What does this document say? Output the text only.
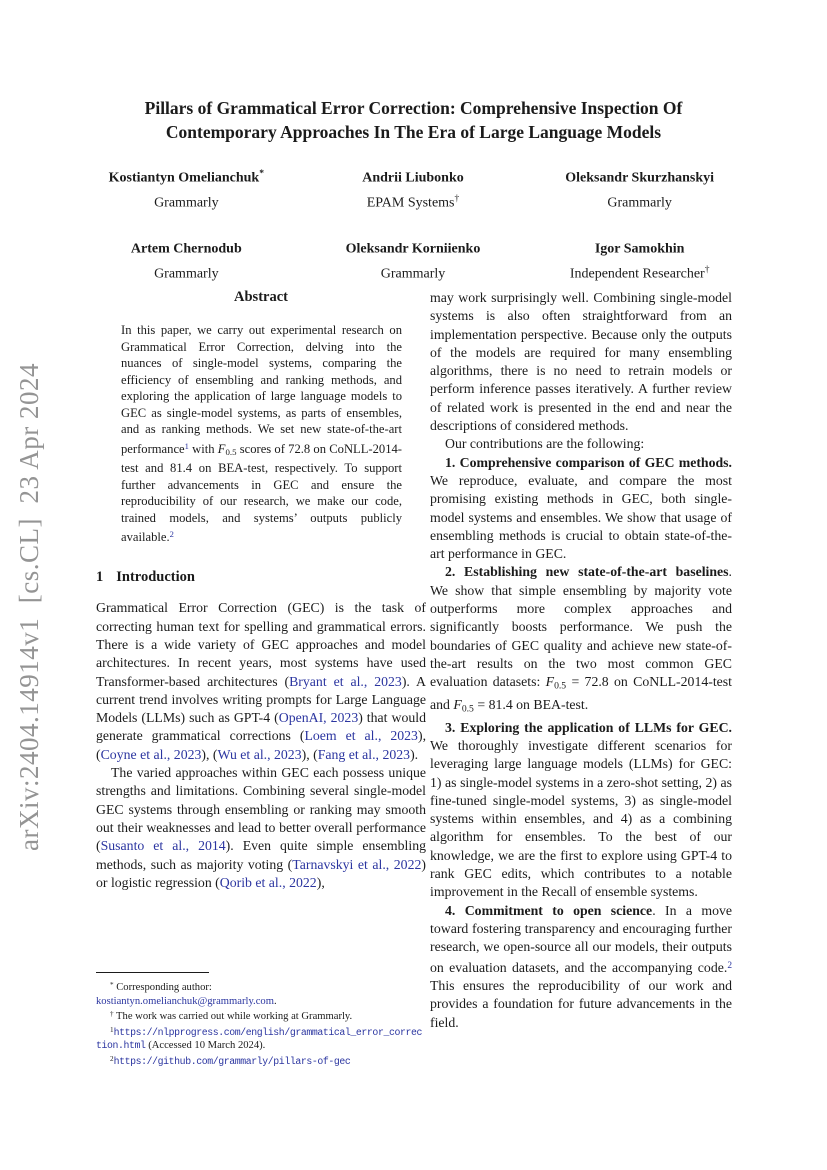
arXiv:2404.14914v1  [cs.CL]  23 Apr 2024
Pillars of Grammatical Error Correction: Comprehensive Inspection Of
Contemporary Approaches In The Era of Large Language Models
Kostiantyn Omelianchuk*
Grammarly
Andrii Liubonko
EPAM Systems†
Oleksandr Skurzhanskyi
Grammarly
Artem Chernodub
Grammarly
Oleksandr Korniienko
Grammarly
Igor Samokhin
Independent Researcher†
Abstract
In this paper, we carry out experimental research on Grammatical Error Correction, delving into the nuances of single-model systems, comparing the efficiency of ensembling and ranking methods, and exploring the application of large language models to GEC as single-model systems, as parts of ensembles, and as ranking methods. We set new state-of-the-art performance$^1$ with F0.5 scores of 72.8 on CoNLL-2014-test and 81.4 on BEA-test, respectively. To support further advancements in GEC and ensure the reproducibility of our research, we make our code, trained models, and systems’ outputs publicly available.$^2$
1 Introduction

Grammatical Error Correction (GEC) is the task of correcting human text for spelling and grammatical errors. There is a wide variety of GEC approaches and model architectures. In recent years, most systems have used Transformer-based architectures (Bryant et al., 2023). A current trend involves writing prompts for Large Language Models (LLMs) such as GPT-4 (OpenAI, 2023) that would generate grammatical corrections (Loem et al., 2023), (Coyne et al., 2023), (Wu et al., 2023), (Fang et al., 2023).

The varied approaches within GEC each possess unique strengths and limitations. Combining several single-model GEC systems through ensembling or ranking may smooth out their weaknesses and lead to better overall performance (Susanto et al., 2014). Even quite simple ensembling methods, such as majority voting (Tarnavskyi et al., 2022) or logistic regression (Qorib et al., 2022),

* Corresponding author:
kostiantyn.omelianchuk@grammarly.com.
† The work was carried out while working at Grammarly.
$^1$https://nlpprogress.com/english/grammatical_error_correction.html (Accessed 10 March 2024).
$^2$https://github.com/grammarly/pillars-of-gec

may work surprisingly well. Combining single-model systems is also often straightforward from an implementation perspective. Because only the outputs of the models are required for many ensembling algorithms, there is no need to retrain models or perform inference passes iteratively. A further review of related work is presented in the end and near the descriptions of considered methods.

Our contributions are the following:

1. Comprehensive comparison of GEC methods. We reproduce, evaluate, and compare the most promising existing methods in GEC, both single-model systems and ensembles. We show that usage of ensembling methods is crucial to obtain state-of-the-art performance in GEC.

2. Establishing new state-of-the-art baselines. We show that simple ensembling by majority vote outperforms more complex approaches and significantly boosts performance. We push the boundaries of GEC quality and achieve new state-of-the-art results on the two most common GEC evaluation datasets: F0.5 = 72.8 on CoNLL-2014-test and F0.5 = 81.4 on BEA-test.

3. Exploring the application of LLMs for GEC. We thoroughly investigate different scenarios for leveraging large language models (LLMs) for GEC: 1) as single-model systems in a zero-shot setting, 2) as fine-tuned single-model systems, 3) as single-model systems within ensembles, and 4) as a combining algorithm for ensembles. To the best of our knowledge, we are the first to explore using GPT-4 to rank GEC edits, which contributes to a notable improvement in the Recall of ensemble systems.

4. Commitment to open science. In a move toward fostering transparency and encouraging further research, we open-source all our models, their outputs on evaluation datasets, and the accompanying code.$^2$ This ensures the reproducibility of our work and provides a foundation for future advancements in the field.
